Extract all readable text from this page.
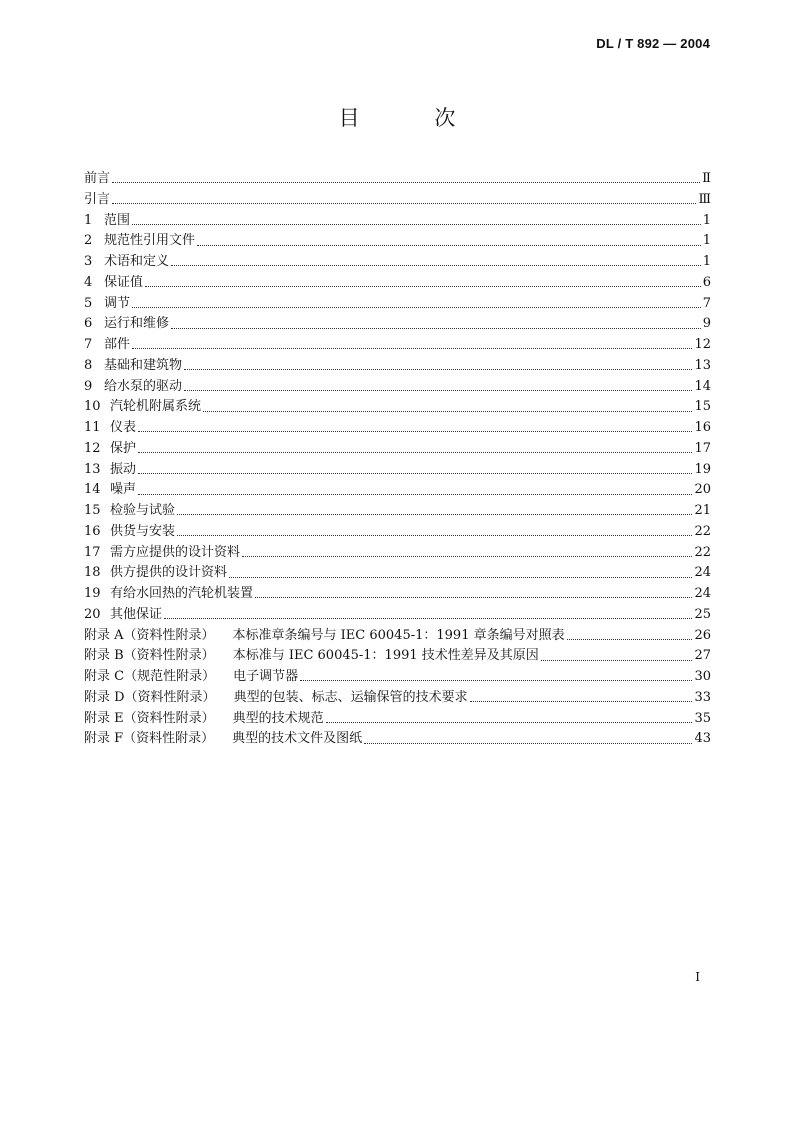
DL / T 892 — 2004
目 次
前言	Ⅱ
引言	Ⅲ
1 范围	1
2 规范性引用文件	1
3 术语和定义	1
4 保证值	6
5 调节	7
6 运行和维修	9
7 部件	12
8 基础和建筑物	13
9 给水泵的驱动	14
10 汽轮机附属系统	15
11 仪表	16
12 保护	17
13 振动	19
14 噪声	20
15 检验与试验	21
16 供货与安装	22
17 需方应提供的设计资料	22
18 供方提供的设计资料	24
19 有给水回热的汽轮机装置	24
20 其他保证	25
附录 A（资料性附录） 本标准章条编号与 IEC 60045-1：1991 章条编号对照表	26
附录 B（资料性附录） 本标准与 IEC 60045-1：1991 技术性差异及其原因	27
附录 C（规范性附录） 电子调节器	30
附录 D（资料性附录） 典型的包装、标志、运输保管的技术要求	33
附录 E（资料性附录） 典型的技术规范	35
附录 F（资料性附录） 典型的技术文件及图纸	43
I
